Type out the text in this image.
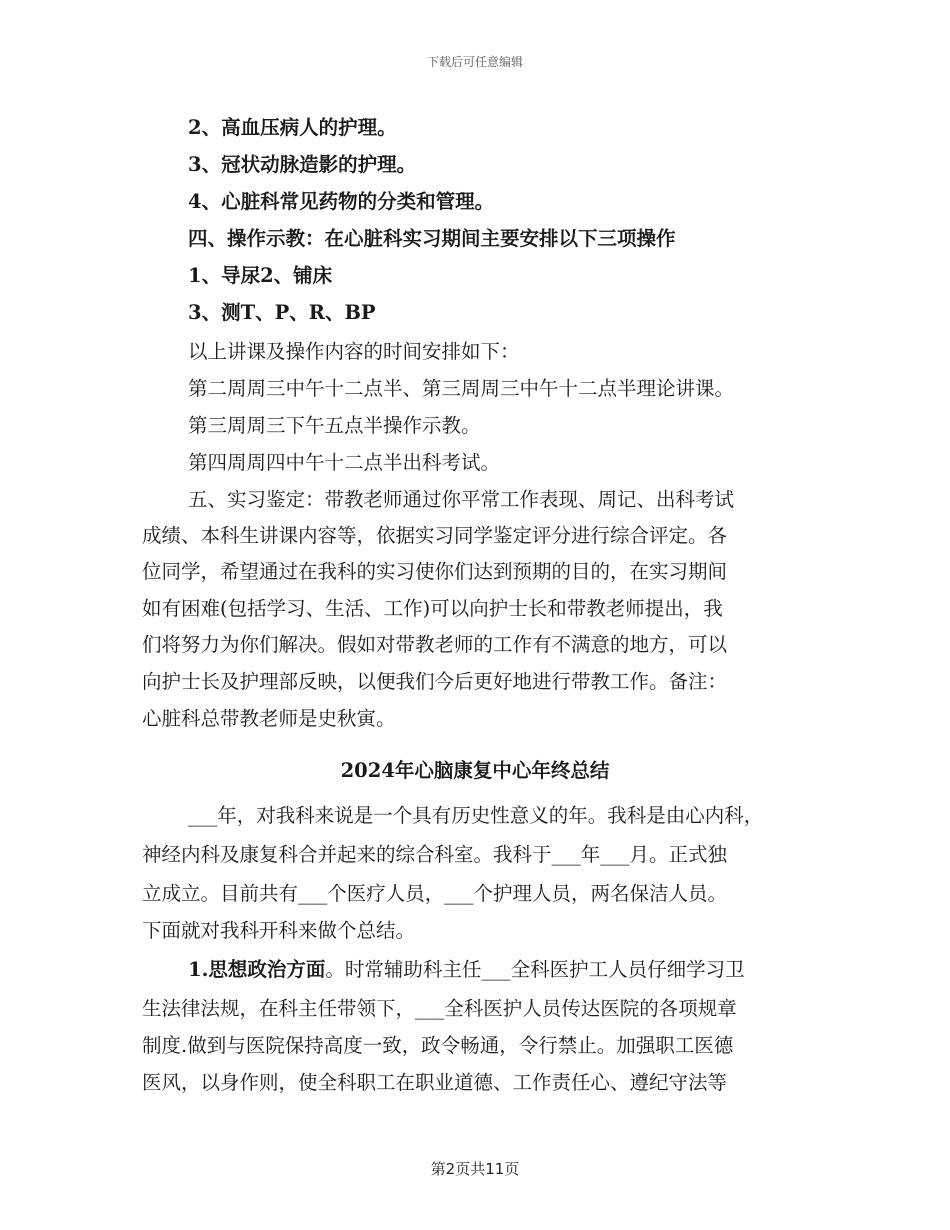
下载后可任意编辑
2、高血压病人的护理。
3、冠状动脉造影的护理。
4、心脏科常见药物的分类和管理。
四、操作示教：在心脏科实习期间主要安排以下三项操作
1、导尿2、铺床
3、测T、P、R、BP
以上讲课及操作内容的时间安排如下：
第二周周三中午十二点半、第三周周三中午十二点半理论讲课。
第三周周三下午五点半操作示教。
第四周周四中午十二点半出科考试。
五、实习鉴定：带教老师通过你平常工作表现、周记、出科考试
成绩、本科生讲课内容等，依据实习同学鉴定评分进行综合评定。各
位同学，希望通过在我科的实习使你们达到预期的目的，在实习期间
如有困难(包括学习、生活、工作)可以向护士长和带教老师提出，我
们将努力为你们解决。假如对带教老师的工作有不满意的地方，可以
向护士长及护理部反映，以便我们今后更好地进行带教工作。备注：
心脏科总带教老师是史秋寅。
2024年心脑康复中心年终总结
___年，对我科来说是一个具有历史性意义的年。我科是由心内科，
神经内科及康复科合并起来的综合科室。我科于___年___月。正式独
立成立。目前共有___个医疗人员，___个护理人员，两名保洁人员。
下面就对我科开科来做个总结。
1.思想政治方面。时常辅助科主任___全科医护工人员仔细学习卫
生法律法规，在科主任带领下，___全科医护人员传达医院的各项规章
制度.做到与医院保持高度一致，政令畅通，令行禁止。加强职工医德
医风，以身作则，使全科职工在职业道德、工作责任心、遵纪守法等
第2页共11页
